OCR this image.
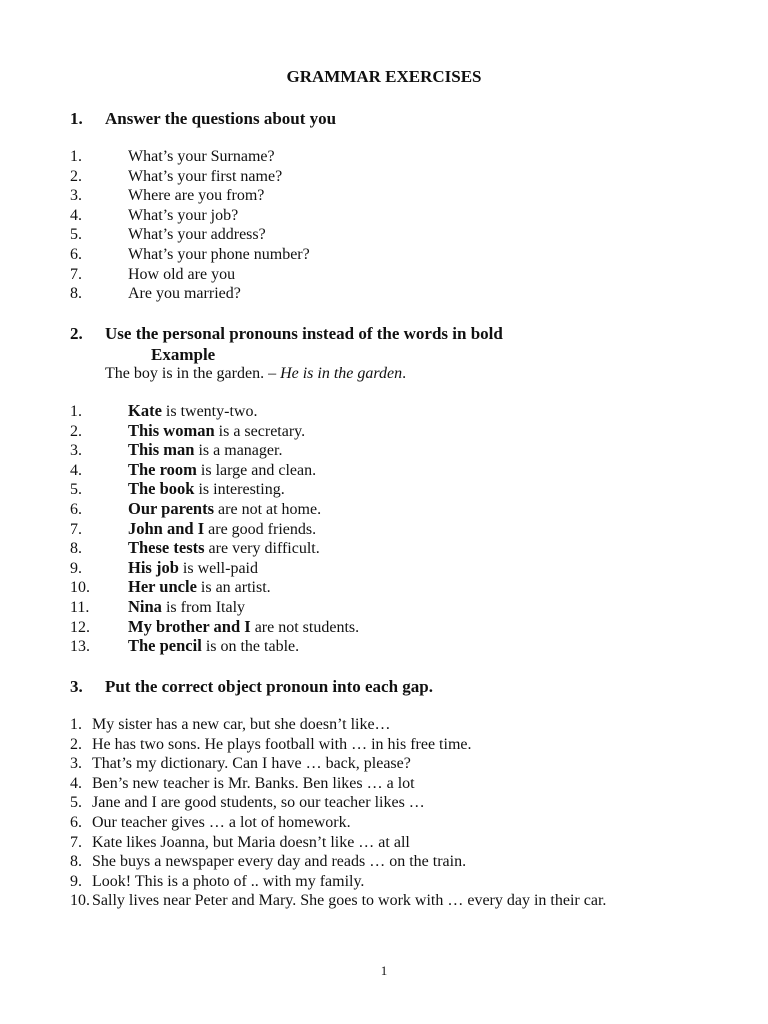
GRAMMAR EXERCISES
1. Answer the questions about you
1.	What’s your Surname?
2.	What’s your first name?
3.	Where are you from?
4.	What’s your job?
5.	What’s your address?
6.	What’s your phone number?
7.	How old are you
8.	Are you married?
2. Use the personal pronouns instead of the words in bold
Example
The boy is in the garden. – He is in the garden.
1.	Kate is twenty-two.
2.	This woman is a secretary.
3.	This man is a manager.
4.	The room is large and clean.
5.	The book is interesting.
6.	Our parents are not at home.
7.	John and I are good friends.
8.	These tests are very difficult.
9.	His job is well-paid
10. Her uncle is an artist.
11. Nina is from Italy
12. My brother and I are not students.
13. The pencil is on the table.
3. Put the correct object pronoun into each gap.
1. My sister has a new car, but she doesn’t like…
2. He has two sons. He plays football with … in his free time.
3. That’s my dictionary. Can I have … back, please?
4. Ben’s new teacher is Mr. Banks. Ben likes … a lot
5. Jane and I are good students, so our teacher likes …
6. Our teacher gives … a lot of homework.
7. Kate likes Joanna, but Maria doesn’t like … at all
8. She buys a newspaper every day and reads … on the train.
9. Look! This is a photo of .. with my family.
10. Sally lives near Peter and Mary. She goes to work with … every day in their car.
1
